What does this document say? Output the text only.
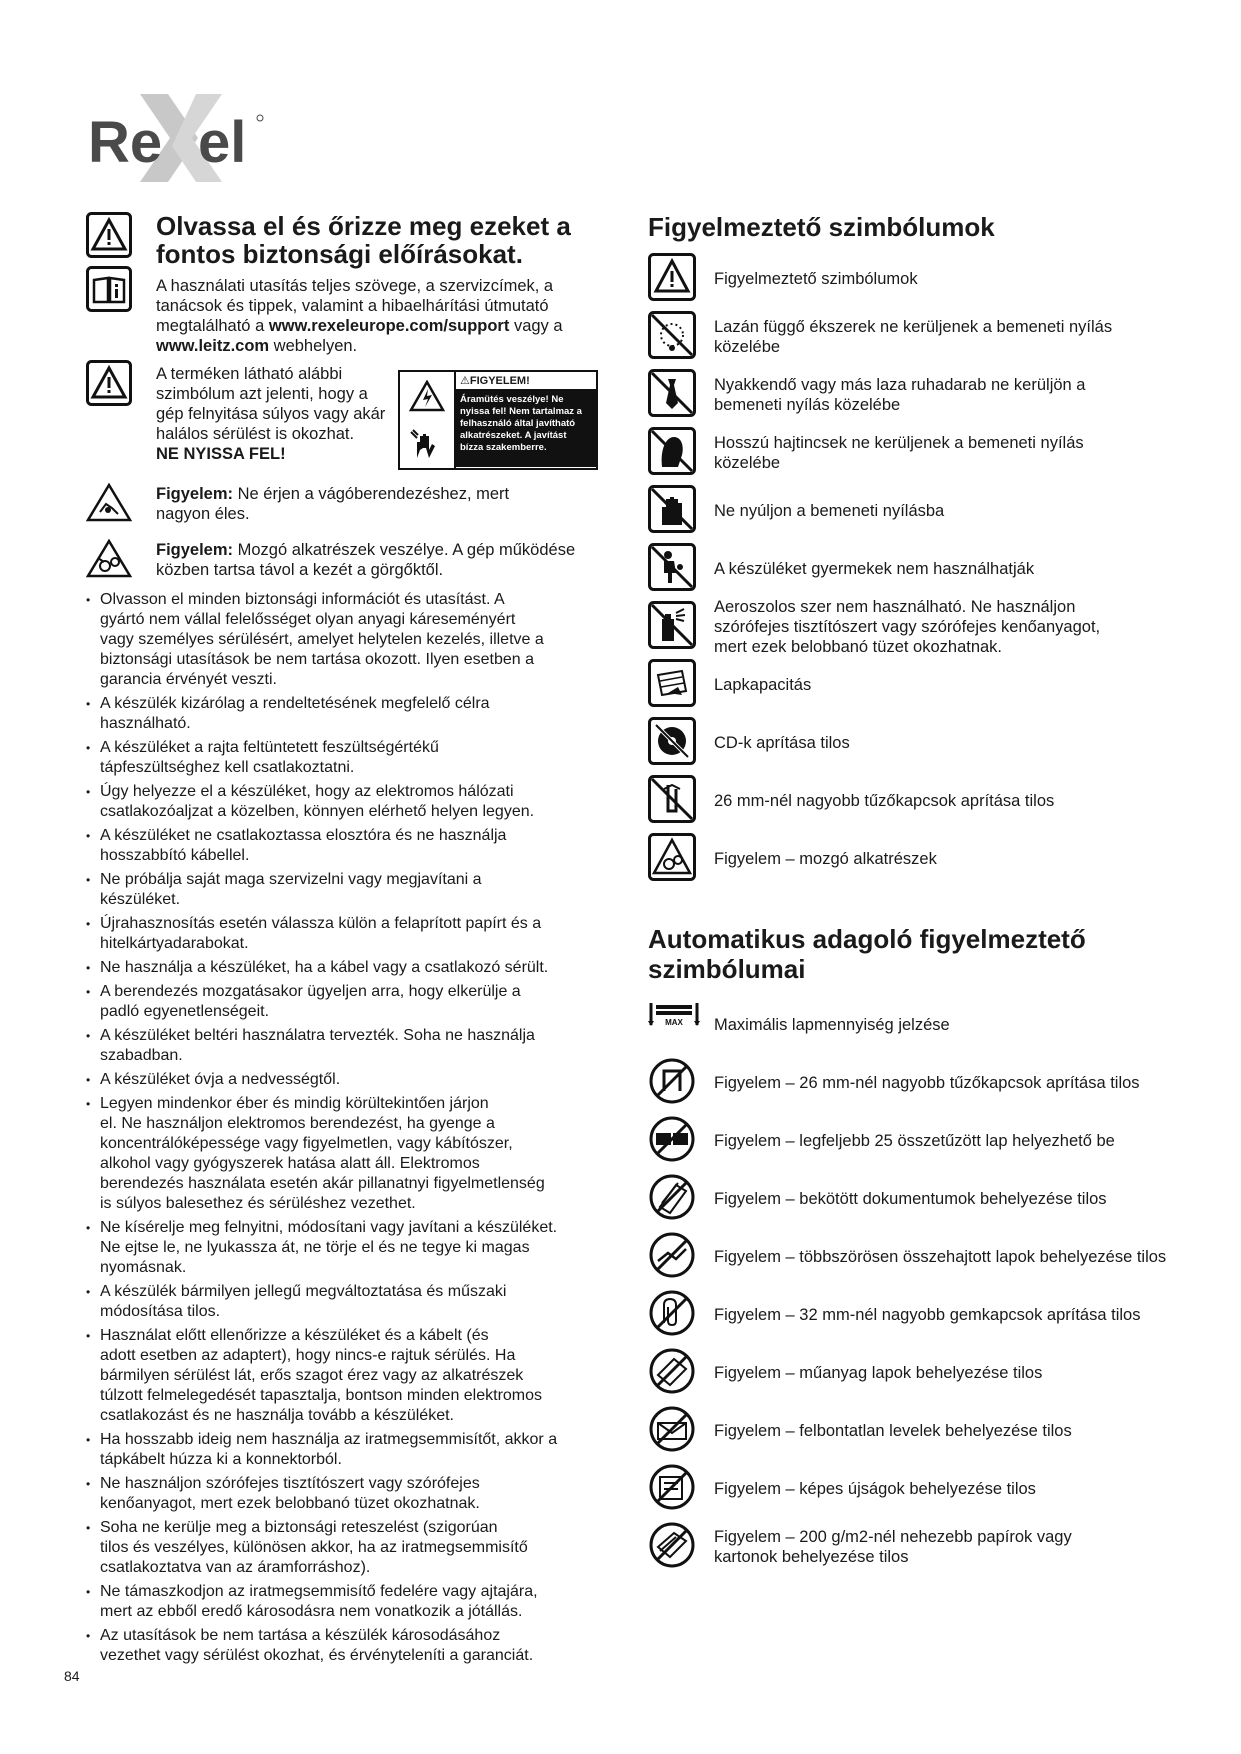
Re el
Olvassa el és őrizze meg ezeket a
fontos biztonsági előírásokat.
A használati utasítás teljes szövege, a szervizcímek, a
tanácsok és tippek, valamint a hibaelhárítási útmutató
megtalálható a www.rexeleurope.com/support vagy a
www.leitz.com webhelyen.
A terméken látható alábbi
szimbólum azt jelenti, hogy a
gép felnyitása súlyos vagy akár
halálos sérülést is okozhat.
NE NYISSA FEL!
⚠FIGYELEM!
Áramütés veszélye! Ne
nyissa fel! Nem tartalmaz a
felhasználó által javítható
alkatrészeket. A javítást
bízza szakemberre.
Figyelem: Ne érjen a vágóberendezéshez, mert
nagyon éles.
Figyelem: Mozgó alkatrészek veszélye. A gép működése
közben tartsa távol a kezét a görgőktől.
• Olvasson el minden biztonsági információt és utasítást. A
gyártó nem vállal felelősséget olyan anyagi káreseményért
vagy személyes sérülésért, amelyet helytelen kezelés, illetve a
biztonsági utasítások be nem tartása okozott. Ilyen esetben a
garancia érvényét veszti.
• A készülék kizárólag a rendeltetésének megfelelő célra
használható.
• A készüléket a rajta feltüntetett feszültségértékű
tápfeszültséghez kell csatlakoztatni.
• Úgy helyezze el a készüléket, hogy az elektromos hálózati
csatlakozóaljzat a közelben, könnyen elérhető helyen legyen.
• A készüléket ne csatlakoztassa elosztóra és ne használja
hosszabbító kábellel.
• Ne próbálja saját maga szervizelni vagy megjavítani a
készüléket.
• Újrahasznosítás esetén válassza külön a felaprított papírt és a
hitelkártyadarabokat.
• Ne használja a készüléket, ha a kábel vagy a csatlakozó sérült.
• A berendezés mozgatásakor ügyeljen arra, hogy elkerülje a
padló egyenetlenségeit.
• A készüléket beltéri használatra tervezték. Soha ne használja
szabadban.
• A készüléket óvja a nedvességtől.
• Legyen mindenkor éber és mindig körültekintően járjon
el. Ne használjon elektromos berendezést, ha gyenge a
koncentrálóképessége vagy figyelmetlen, vagy kábítószer,
alkohol vagy gyógyszerek hatása alatt áll. Elektromos
berendezés használata esetén akár pillanatnyi figyelmetlenség
is súlyos balesethez és sérüléshez vezethet.
• Ne kísérelje meg felnyitni, módosítani vagy javítani a készüléket.
Ne ejtse le, ne lyukassza át, ne törje el és ne tegye ki magas
nyomásnak.
• A készülék bármilyen jellegű megváltoztatása és műszaki
módosítása tilos.
• Használat előtt ellenőrizze a készüléket és a kábelt (és
adott esetben az adaptert), hogy nincs-e rajtuk sérülés. Ha
bármilyen sérülést lát, erős szagot érez vagy az alkatrészek
túlzott felmelegedését tapasztalja, bontson minden elektromos
csatlakozást és ne használja tovább a készüléket.
• Ha hosszabb ideig nem használja az iratmegsemmisítőt, akkor a
tápkábelt húzza ki a konnektorból.
• Ne használjon szórófejes tisztítószert vagy szórófejes
kenőanyagot, mert ezek belobbanó tüzet okozhatnak.
• Soha ne kerülje meg a biztonsági reteszelést (szigorúan
tilos és veszélyes, különösen akkor, ha az iratmegsemmisítő
csatlakoztatva van az áramforráshoz).
• Ne támaszkodjon az iratmegsemmisítő fedelére vagy ajtajára,
mert az ebből eredő károsodásra nem vonatkozik a jótállás.
• Az utasítások be nem tartása a készülék károsodásához
vezethet vagy sérülést okozhat, és érvényteleníti a garanciát.
Figyelmeztető szimbólumok
Figyelmeztető szimbólumok
Lazán függő ékszerek ne kerüljenek a bemeneti nyílás
közelébe
Nyakkendő vagy más laza ruhadarab ne kerüljön a
bemeneti nyílás közelébe
Hosszú hajtincsek ne kerüljenek a bemeneti nyílás
közelébe
Ne nyúljon a bemeneti nyílásba
A készüléket gyermekek nem használhatják
Aeroszolos szer nem használható. Ne használjon
szórófejes tisztítószert vagy szórófejes kenőanyagot,
mert ezek belobbanó tüzet okozhatnak.
Lapkapacitás
CD-k aprítása tilos
26 mm-nél nagyobb tűzőkapcsok aprítása tilos
Figyelem – mozgó alkatrészek
Automatikus adagoló figyelmeztető
szimbólumai
MAX Maximális lapmennyiség jelzése
Figyelem – 26 mm-nél nagyobb tűzőkapcsok aprítása tilos
Figyelem – legfeljebb 25 összetűzött lap helyezhető be
Figyelem – bekötött dokumentumok behelyezése tilos
Figyelem – többszörösen összehajtott lapok behelyezése tilos
Figyelem – 32 mm-nél nagyobb gemkapcsok aprítása tilos
Figyelem – műanyag lapok behelyezése tilos
Figyelem – felbontatlan levelek behelyezése tilos
Figyelem – képes újságok behelyezése tilos
Figyelem – 200 g/m2-nél nehezebb papírok vagy
kartonok behelyezése tilos
84
